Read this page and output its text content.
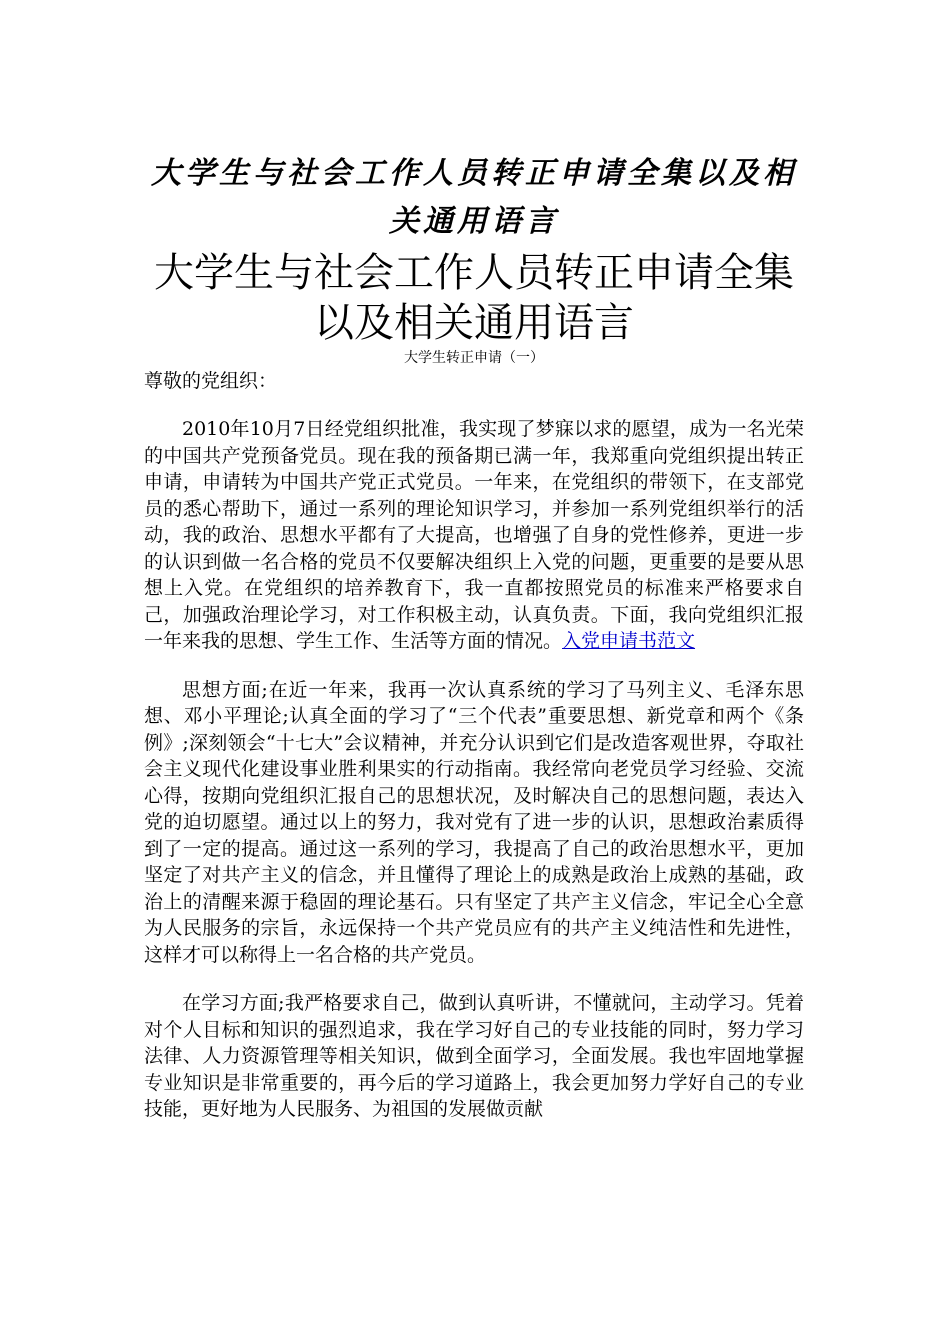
大学生与社会工作人员转正申请全集以及相关通用语言
大学生与社会工作人员转正申请全集以及相关通用语言

大学生转正申请（一）

尊敬的党组织：

2010年10月7日经党组织批准，我实现了梦寐以求的愿望，成为一名光荣的中国共产党预备党员。现在我的预备期已满一年，我郑重向党组织提出转正申请，申请转为中国共产党正式党员。一年来，在党组织的带领下，在支部党员的悉心帮助下，通过一系列的理论知识学习，并参加一系列党组织举行的活动，我的政治、思想水平都有了大提高，也增强了自身的党性修养，更进一步的认识到做一名合格的党员不仅要解决组织上入党的问题，更重要的是要从思想上入党。在党组织的培养教育下，我一直都按照党员的标准来严格要求自己，加强政治理论学习，对工作积极主动，认真负责。下面，我向党组织汇报一年来我的思想、学生工作、生活等方面的情况。入党申请书范文

思想方面;在近一年来，我再一次认真系统的学习了马列主义、毛泽东思想、邓小平理论;认真全面的学习了“三个代表”重要思想、新党章和两个《条例》;深刻领会“十七大”会议精神，并充分认识到它们是改造客观世界，夺取社会主义现代化建设事业胜利果实的行动指南。我经常向老党员学习经验、交流心得，按期向党组织汇报自己的思想状况，及时解决自己的思想问题，表达入党的迫切愿望。通过以上的努力，我对党有了进一步的认识，思想政治素质得到了一定的提高。通过这一系列的学习，我提高了自己的政治思想水平，更加坚定了对共产主义的信念，并且懂得了理论上的成熟是政治上成熟的基础，政治上的清醒来源于稳固的理论基石。只有坚定了共产主义信念，牢记全心全意为人民服务的宗旨，永远保持一个共产党员应有的共产主义纯洁性和先进性，这样才可以称得上一名合格的共产党员。

在学习方面;我严格要求自己，做到认真听讲，不懂就问，主动学习。凭着对个人目标和知识的强烈追求，我在学习好自己的专业技能的同时，努力学习法律、人力资源管理等相关知识，做到全面学习，全面发展。我也牢固地掌握专业知识是非常重要的，再今后的学习道路上，我会更加努力学好自己的专业技能，更好地为人民服务、为祖国的发展做贡献
